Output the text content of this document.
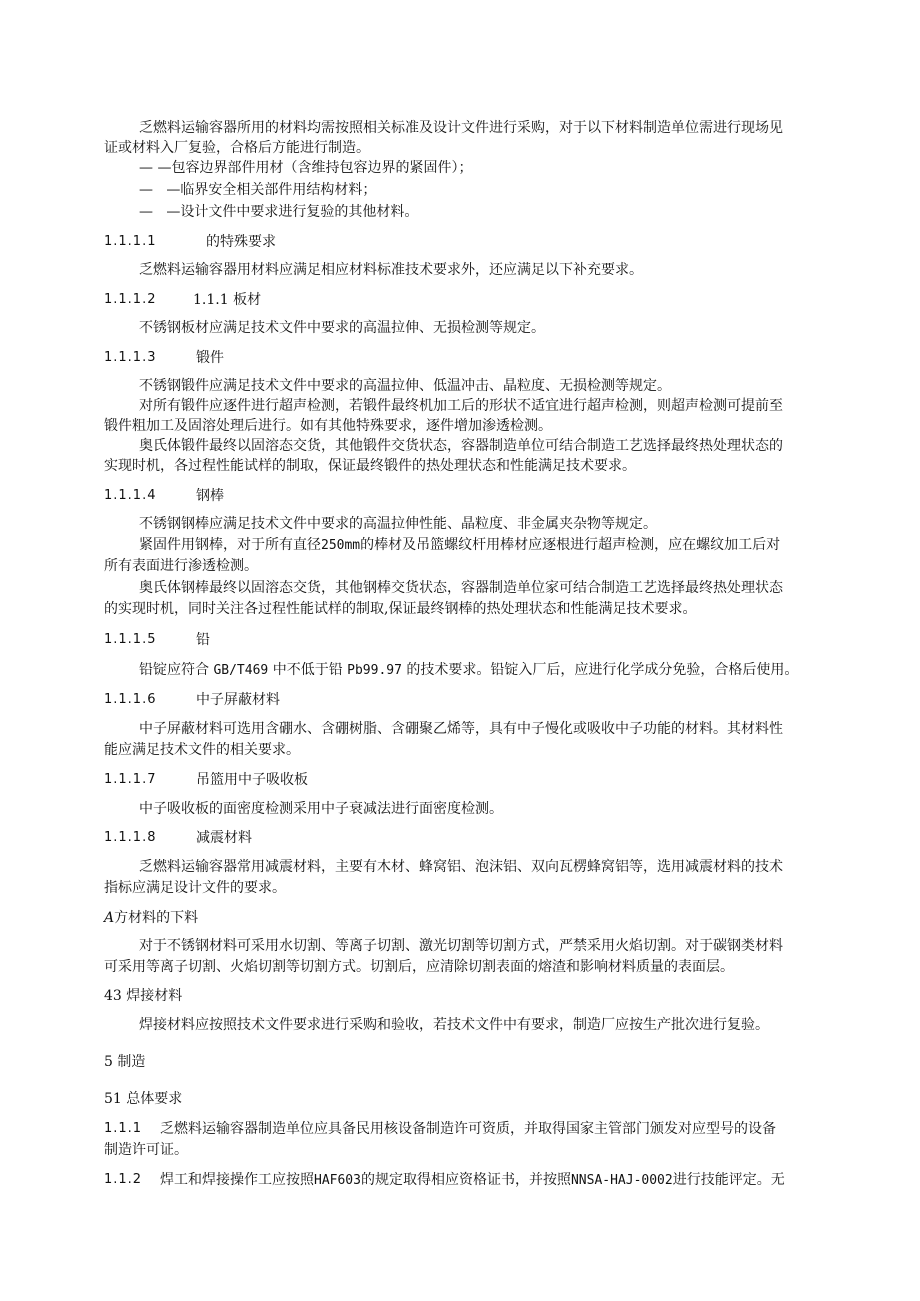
乏燃料运输容器所用的材料均需按照相关标准及设计文件进行采购，对于以下材料制造单位需进行现场见
证或材料入厂复验，合格后方能进行制造。
— —包容边界部件用材（含维持包容边界的紧固件）；
— —临界安全相关部件用结构材料；
— —设计文件中要求进行复验的其他材料。
1.1.1.1	的特殊要求
乏燃料运输容器用材料应满足相应材料标准技术要求外，还应满足以下补充要求。
1.1.1.2	1.1.1 板材
不锈钢板材应满足技术文件中要求的高温拉伸、无损检测等规定。
1.1.1.3	锻件
不锈钢锻件应满足技术文件中要求的高温拉伸、低温冲击、晶粒度、无损检测等规定。
对所有锻件应逐件进行超声检测，若锻件最终机加工后的形状不适宜进行超声检测，则超声检测可提前至
锻件粗加工及固溶处理后进行。如有其他特殊要求，逐件增加渗透检测。
奥氏体锻件最终以固溶态交货，其他锻件交货状态，容器制造单位可结合制造工艺选择最终热处理状态的
实现时机，各过程性能试样的制取，保证最终锻件的热处理状态和性能满足技术要求。
1.1.1.4	钢棒
不锈钢钢棒应满足技术文件中要求的高温拉伸性能、晶粒度、非金属夹杂物等规定。
紧固件用钢棒，对于所有直径250mm的棒材及吊篮螺纹杆用棒材应逐根进行超声检测，应在螺纹加工后对
所有表面进行渗透检测。
奥氏体钢棒最终以固溶态交货，其他钢棒交货状态，容器制造单位家可结合制造工艺选择最终热处理状态
的实现时机，同时关注各过程性能试样的制取,保证最终钢棒的热处理状态和性能满足技术要求。
1.1.1.5	铅
铅锭应符合 GB/T469 中不低于铅 Pb99.97 的技术要求。铅锭入厂后，应进行化学成分免验，合格后使用。
1.1.1.6	中子屏蔽材料
中子屏蔽材料可选用含硼水、含硼树脂、含硼聚乙烯等，具有中子慢化或吸收中子功能的材料。其材料性
能应满足技术文件的相关要求。
1.1.1.7	吊篮用中子吸收板
中子吸收板的面密度检测采用中子衰减法进行面密度检测。
1.1.1.8	减震材料
乏燃料运输容器常用减震材料，主要有木材、蜂窝铝、泡沫铝、双向瓦楞蜂窝铝等，选用减震材料的技术
指标应满足设计文件的要求。
A方材料的下料
对于不锈钢材料可采用水切割、等离子切割、激光切割等切割方式，严禁采用火焰切割。对于碳钢类材料
可采用等离子切割、火焰切割等切割方式。切割后，应清除切割表面的熔渣和影响材料质量的表面层。
43 焊接材料
焊接材料应按照技术文件要求进行采购和验收，若技术文件中有要求，制造厂应按生产批次进行复验。
5 制造
51 总体要求
1.1.1 乏燃料运输容器制造单位应具备民用核设备制造许可资质，并取得国家主管部门颁发对应型号的设备
制造许可证。
1.1.2 焊工和焊接操作工应按照HAF603的规定取得相应资格证书，并按照NNSA-HAJ-0002进行技能评定。无
